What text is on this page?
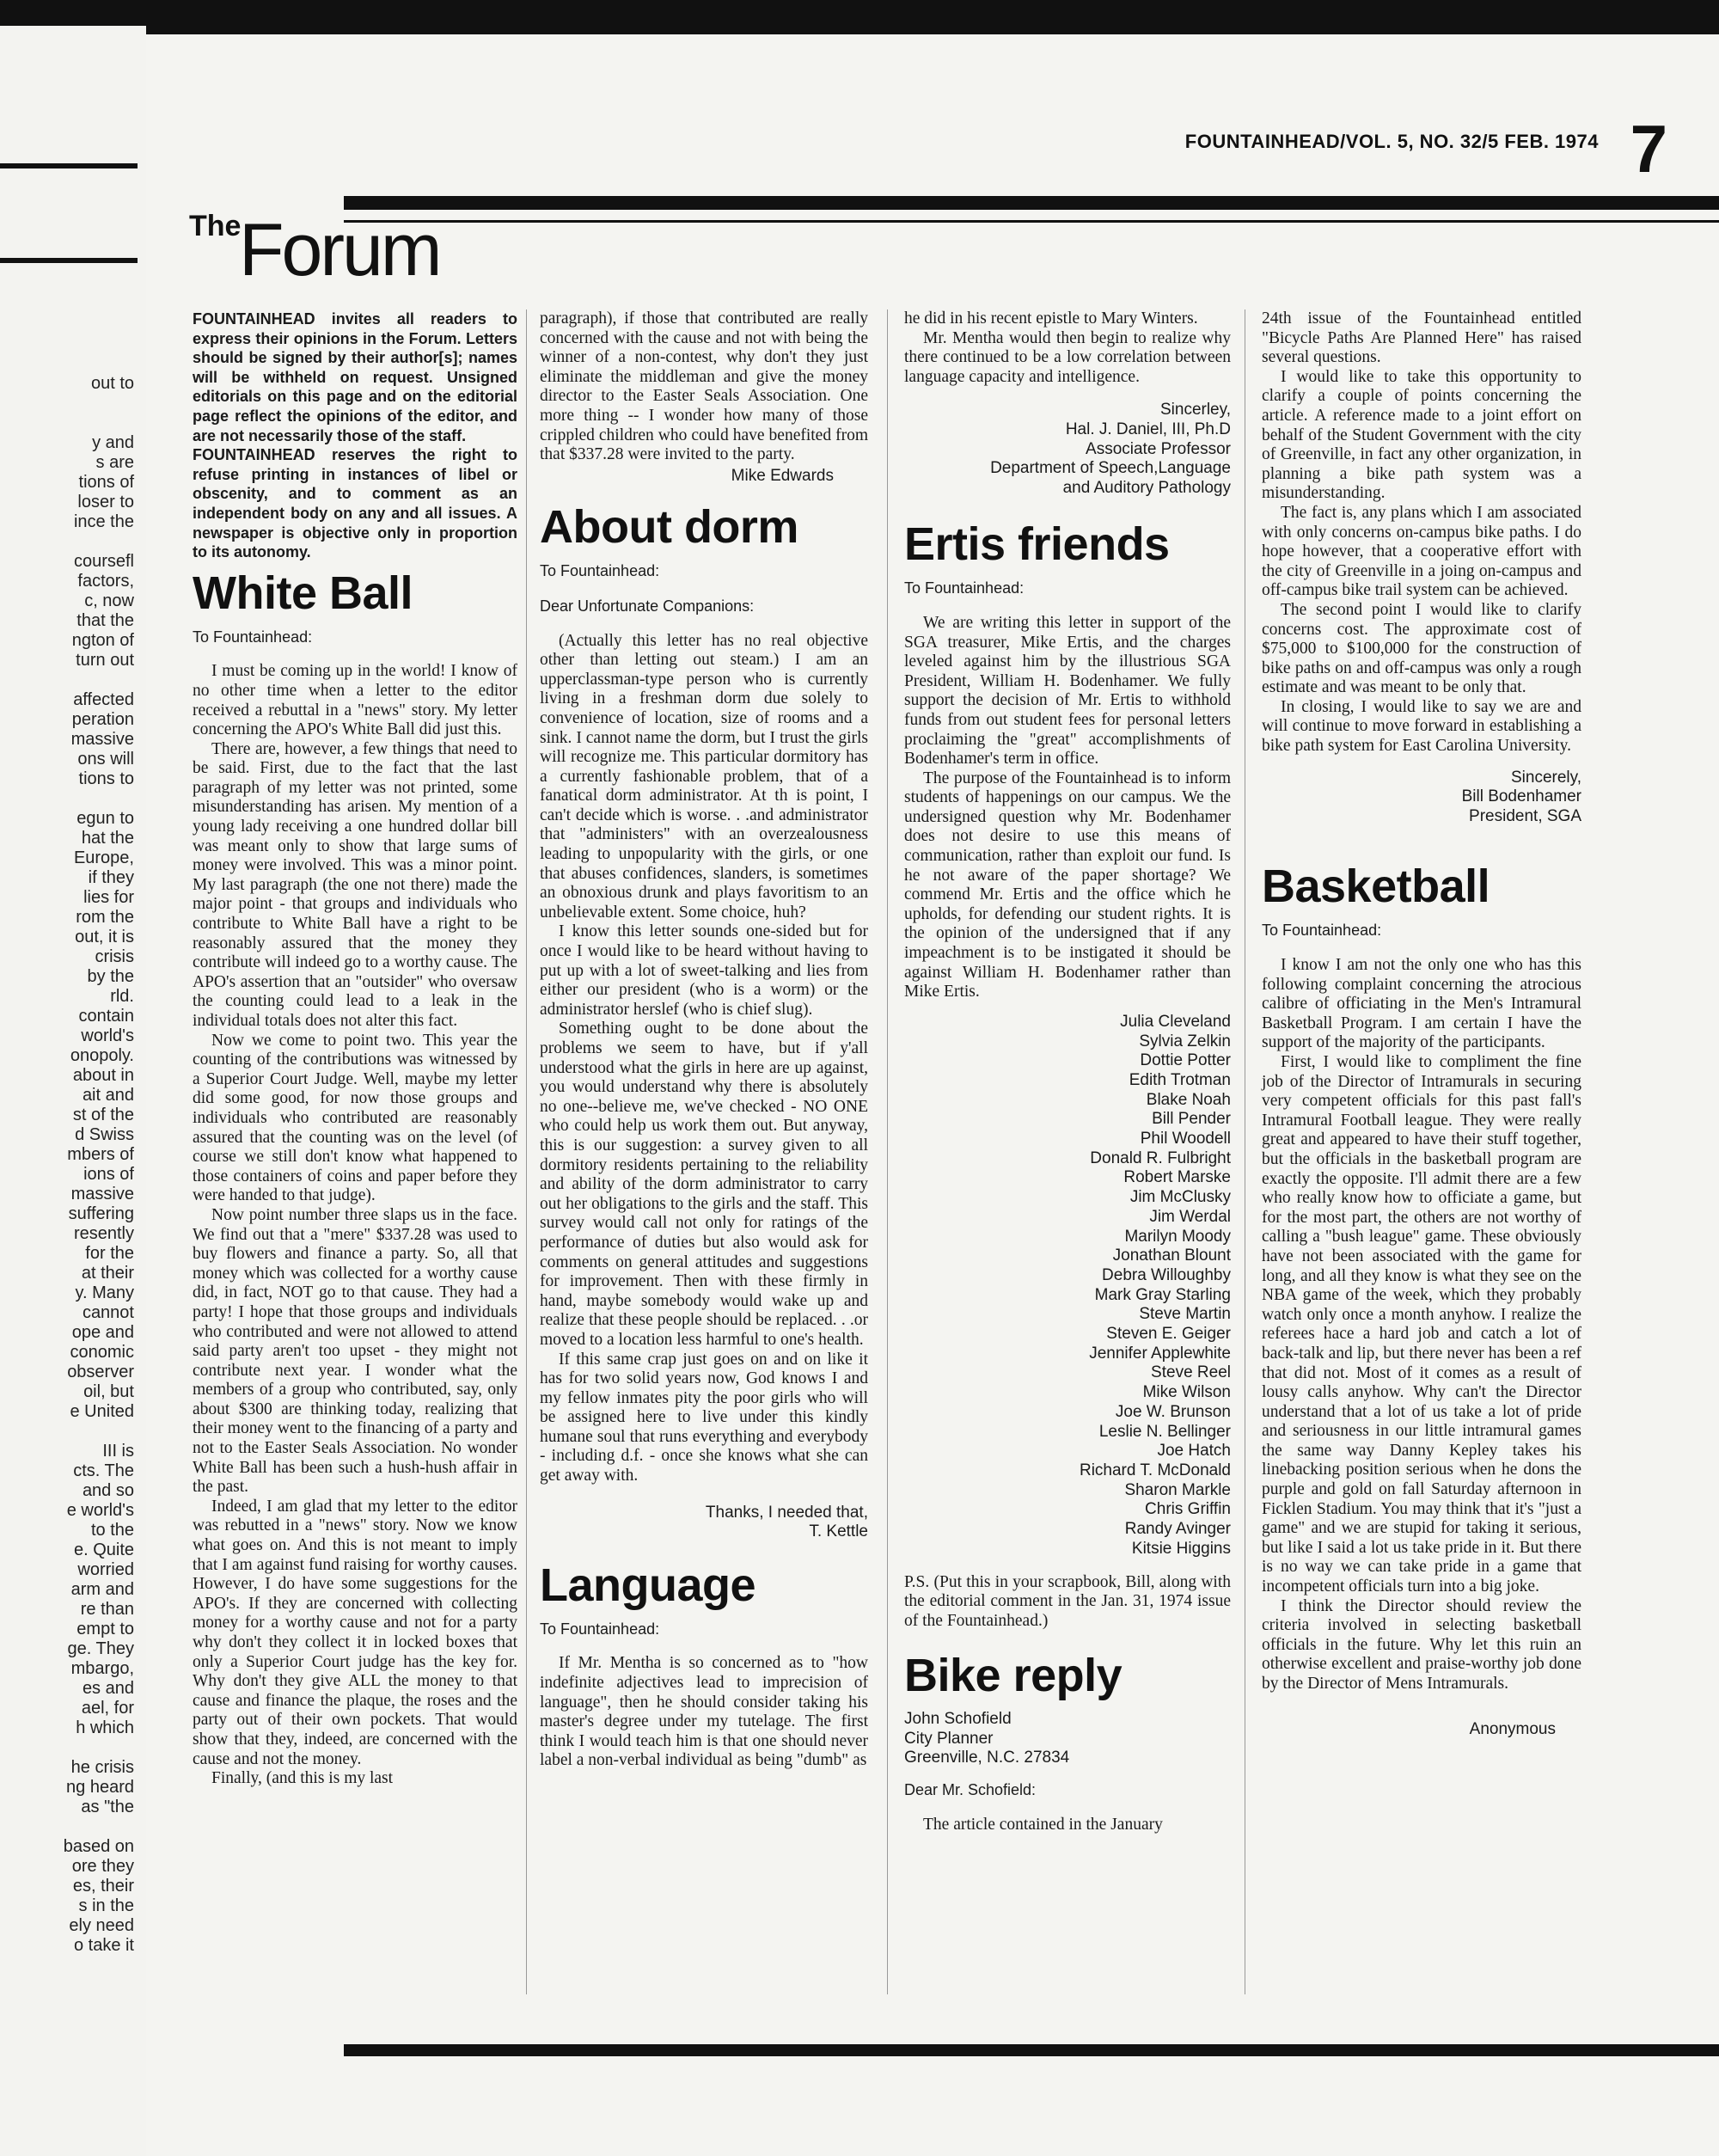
out to

y and
s are
tions of
loser to
ince the

coursefl
factors,
c, now
that the
ngton of
turn out

affected
peration
massive
ons will
tions to

egun to
hat the
Europe,
if they
lies for
rom the
out, it is
crisis
by the
rld.
contain
world's
onopoly.
about in
ait and
st of the
d Swiss
mbers of
ions of
massive
suffering
resently
for the
at their
y. Many
cannot
ope and
conomic
observer
oil, but
e United

III is
cts. The
and so
e world's
to the
e. Quite
worried
arm and
re than
empt to
ge. They
mbargo,
es and
ael, for
h which

he crisis
ng heard
as "the

based on
ore they
es, their
s in the
ely need
o take it
FOUNTAINHEAD/VOL. 5, NO. 32/5 FEB. 1974 7
The
Forum

FOUNTAINHEAD invites all readers to express their opinions in the Forum. Letters should be signed by their author[s]; names will be withheld on request. Unsigned editorials on this page and on the editorial page reflect the opinions of the editor, and are not necessarily those of the staff.

FOUNTAINHEAD reserves the right to refuse printing in instances of libel or obscenity, and to comment as an independent body on any and all issues. A newspaper is objective only in proportion to its autonomy.

White Ball
To Fountainhead:

I must be coming up in the world! I know of no other time when a letter to the editor received a rebuttal in a "news" story. My letter concerning the APO's White Ball did just this.

There are, however, a few things that need to be said. First, due to the fact that the last paragraph of my letter was not printed, some misunderstanding has arisen. My mention of a young lady receiving a one hundred dollar bill was meant only to show that large sums of money were involved. This was a minor point. My last paragraph (the one not there) made the major point - that groups and individuals who contribute to White Ball have a right to be reasonably assured that the money they contribute will indeed go to a worthy cause. The APO's assertion that an "outsider" who oversaw the counting could lead to a leak in the individual totals does not alter this fact.

Now we come to point two. This year the counting of the contributions was witnessed by a Superior Court Judge. Well, maybe my letter did some good, for now those groups and individuals who contributed are reasonably assured that the counting was on the level (of course we still don't know what happened to those containers of coins and paper before they were handed to that judge).

Now point number three slaps us in the face. We find out that a "mere" $337.28 was used to buy flowers and finance a party. So, all that money which was collected for a worthy cause did, in fact, NOT go to that cause. They had a party! I hope that those groups and individuals who contributed and were not allowed to attend said party aren't too upset - they might not contribute next year. I wonder what the members of a group who contributed, say, only about $300 are thinking today, realizing that their money went to the financing of a party and not to the Easter Seals Association. No wonder White Ball has been such a hush-hush affair in the past.

Indeed, I am glad that my letter to the editor was rebutted in a "news" story. Now we know what goes on. And this is not meant to imply that I am against fund raising for worthy causes. However, I do have some suggestions for the APO's. If they are concerned with collecting money for a worthy cause and not for a party why don't they collect it in locked boxes that only a Superior Court judge has the key for. Why don't they give ALL the money to that cause and finance the plaque, the roses and the party out of their own pockets. That would show that they, indeed, are concerned with the cause and not the money.

Finally, (and this is my last

paragraph), if those that contributed are really concerned with the cause and not with being the winner of a non-contest, why don't they just eliminate the middleman and give the money director to the Easter Seals Association. One more thing -- I wonder how many of those crippled children who could have benefited from that $337.28 were invited to the party.

Mike Edwards
About dorm
To Fountainhead:
Dear Unfortunate Companions:

(Actually this letter has no real objective other than letting out steam.) I am an upperclassman-type person who is currently living in a freshman dorm due solely to convenience of location, size of rooms and a sink. I cannot name the dorm, but I trust the girls will recognize me. This particular dormitory has a currently fashionable problem, that of a fanatical dorm administrator. At th is point, I can't decide which is worse. . .and administrator that "administers" with an overzealousness leading to unpopularity with the girls, or one that abuses confidences, slanders, is sometimes an obnoxious drunk and plays favoritism to an unbelievable extent. Some choice, huh?

I know this letter sounds one-sided but for once I would like to be heard without having to put up with a lot of sweet-talking and lies from either our president (who is a worm) or the administrator herslef (who is chief slug).

Something ought to be done about the problems we seem to have, but if y'all understood what the girls in here are up against, you would understand why there is absolutely no one--believe me, we've checked - NO ONE who could help us work them out. But anyway, this is our suggestion: a survey given to all dormitory residents pertaining to the reliability and ability of the dorm administrator to carry out her obligations to the girls and the staff. This survey would call not only for ratings of the performance of duties but also would ask for comments on general attitudes and suggestions for improvement. Then with these firmly in hand, maybe somebody would wake up and realize that these people should be replaced. . .or moved to a location less harmful to one's health.

If this same crap just goes on and on like it has for two solid years now, God knows I and my fellow inmates pity the poor girls who will be assigned here to live under this kindly humane soul that runs everything and everybody - including d.f. - once she knows what she can get away with.

Thanks, I needed that,
T. Kettle
Language
To Fountainhead:

If Mr. Mentha is so concerned as to "how indefinite adjectives lead to imprecision of language", then he should consider taking his master's degree under my tutelage. The first think I would teach him is that one should never label a non-verbal individual as being "dumb" as

he did in his recent epistle to Mary Winters.

Mr. Mentha would then begin to realize why there continued to be a low correlation between language capacity and intelligence.

Sincerley,
Hal. J. Daniel, III, Ph.D
Associate Professor
Department of Speech,Language
and Auditory Pathology
Ertis friends
To Fountainhead:

We are writing this letter in support of the SGA treasurer, Mike Ertis, and the charges leveled against him by the illustrious SGA President, William H. Bodenhamer. We fully support the decision of Mr. Ertis to withhold funds from out student fees for personal letters proclaiming the "great" accomplishments of Bodenhamer's term in office.

The purpose of the Fountainhead is to inform students of happenings on our campus. We the undersigned question why Mr. Bodenhamer does not desire to use this means of communication, rather than exploit our fund. Is he not aware of the paper shortage? We commend Mr. Ertis and the office which he upholds, for defending our student rights. It is the opinion of the undersigned that if any impeachment is to be instigated it should be against William H. Bodenhamer rather than Mike Ertis.

Julia Cleveland
Sylvia Zelkin
Dottie Potter
Edith Trotman
Blake Noah
Bill Pender
Phil Woodell
Donald R. Fulbright
Robert Marske
Jim McClusky
Jim Werdal
Marilyn Moody
Jonathan Blount
Debra Willoughby
Mark Gray Starling
Steve Martin
Steven E. Geiger
Jennifer Applewhite
Steve Reel
Mike Wilson
Joe W. Brunson
Leslie N. Bellinger
Joe Hatch
Richard T. McDonald
Sharon Markle
Chris Griffin
Randy Avinger
Kitsie Higgins

P.S. (Put this in your scrapbook, Bill, along with the editorial comment in the Jan. 31, 1974 issue of the Fountainhead.)

Bike reply
John Schofield
City Planner
Greenville, N.C. 27834
Dear Mr. Schofield:

The article contained in the January

24th issue of the Fountainhead entitled "Bicycle Paths Are Planned Here" has raised several questions.

I would like to take this opportunity to clarify a couple of points concerning the article. A reference made to a joint effort on behalf of the Student Government with the city of Greenville, in fact any other organization, in planning a bike path system was a misunderstanding.

The fact is, any plans which I am associated with only concerns on-campus bike paths. I do hope however, that a cooperative effort with the city of Greenville in a joing on-campus and off-campus bike trail system can be achieved.

The second point I would like to clarify concerns cost. The approximate cost of $75,000 to $100,000 for the construction of bike paths on and off-campus was only a rough estimate and was meant to be only that.

In closing, I would like to say we are and will continue to move forward in establishing a bike path system for East Carolina University.

Sincerely,
Bill Bodenhamer
President, SGA
Basketball
To Fountainhead:

I know I am not the only one who has this following complaint concerning the atrocious calibre of officiating in the Men's Intramural Basketball Program. I am certain I have the support of the majority of the participants.

First, I would like to compliment the fine job of the Director of Intramurals in securing very competent officials for this past fall's Intramural Football league. They were really great and appeared to have their stuff together, but the officials in the basketball program are exactly the opposite. I'll admit there are a few who really know how to officiate a game, but for the most part, the others are not worthy of calling a "bush league" game. These obviously have not been associated with the game for long, and all they know is what they see on the NBA game of the week, which they probably watch only once a month anyhow. I realize the referees hace a hard job and catch a lot of back-talk and lip, but there never has been a ref that did not. Most of it comes as a result of lousy calls anyhow. Why can't the Director understand that a lot of us take a lot of pride and seriousness in our little intramural games the same way Danny Kepley takes his linebacking position serious when he dons the purple and gold on fall Saturday afternoon in Ficklen Stadium. You may think that it's "just a game" and we are stupid for taking it serious, but like I said a lot us take pride in it. But there is no way we can take pride in a game that incompetent officials turn into a big joke.

I think the Director should review the criteria involved in selecting basketball officials in the future. Why let this ruin an otherwise excellent and praise-worthy job done by the Director of Mens Intramurals.

Anonymous
